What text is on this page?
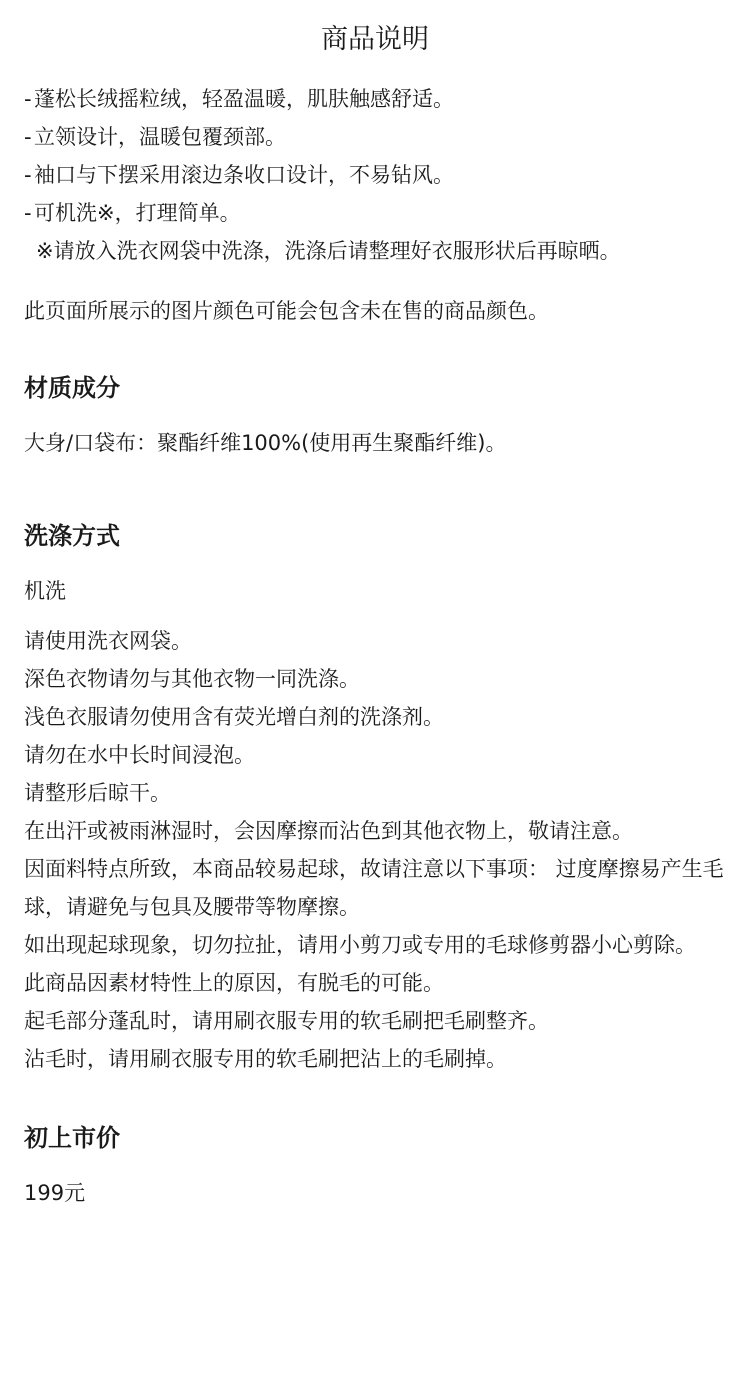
商品说明
- 蓬松长绒摇粒绒，轻盈温暖，肌肤触感舒适。
- 立领设计，温暖包覆颈部。
- 袖口与下摆采用滚边条收口设计，不易钻风。
- 可机洗※，打理简单。
※请放入洗衣网袋中洗涤，洗涤后请整理好衣服形状后再晾晒。

此页面所展示的图片颜色可能会包含未在售的商品颜色。

材质成分

大身/口袋布：聚酯纤维100%(使用再生聚酯纤维)。

洗涤方式

机洗

请使用洗衣网袋。
深色衣物请勿与其他衣物一同洗涤。
浅色衣服请勿使用含有荧光增白剂的洗涤剂。
请勿在水中长时间浸泡。
请整形后晾干。
在出汗或被雨淋湿时，会因摩擦而沾色到其他衣物上，敬请注意。
因面料特点所致，本商品较易起球，故请注意以下事项： 过度摩擦易产生毛球，请避免与包具及腰带等物摩擦。
如出现起球现象，切勿拉扯，请用小剪刀或专用的毛球修剪器小心剪除。
此商品因素材特性上的原因，有脱毛的可能。
起毛部分蓬乱时，请用刷衣服专用的软毛刷把毛刷整齐。
沾毛时，请用刷衣服专用的软毛刷把沾上的毛刷掉。
初上市价

199元
